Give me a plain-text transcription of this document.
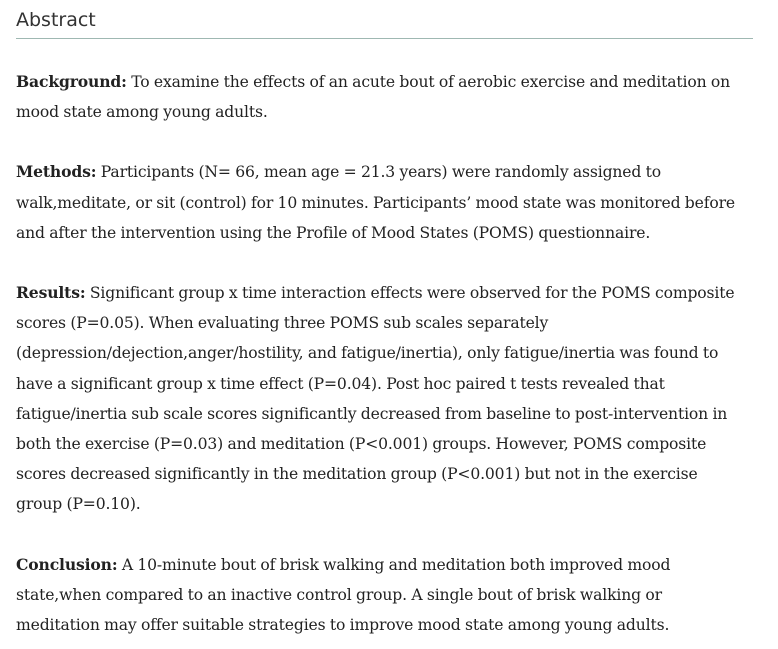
Abstract

Background: To examine the effects of an acute bout of aerobic exercise and meditation on
mood state among young adults.

Methods: Participants (N= 66, mean age = 21.3 years) were randomly assigned to
walk,meditate, or sit (control) for 10 minutes. Participants’ mood state was monitored before
and after the intervention using the Profile of Mood States (POMS) questionnaire.

Results: Significant group x time interaction effects were observed for the POMS composite
scores (P=0.05). When evaluating three POMS sub scales separately
(depression/dejection,anger/hostility, and fatigue/inertia), only fatigue/inertia was found to
have a significant group x time effect (P=0.04). Post hoc paired t tests revealed that
fatigue/inertia sub scale scores significantly decreased from baseline to post-intervention in
both the exercise (P=0.03) and meditation (P<0.001) groups. However, POMS composite
scores decreased significantly in the meditation group (P<0.001) but not in the exercise
group (P=0.10).

Conclusion: A 10-minute bout of brisk walking and meditation both improved mood
state,when compared to an inactive control group. A single bout of brisk walking or
meditation may offer suitable strategies to improve mood state among young adults.
